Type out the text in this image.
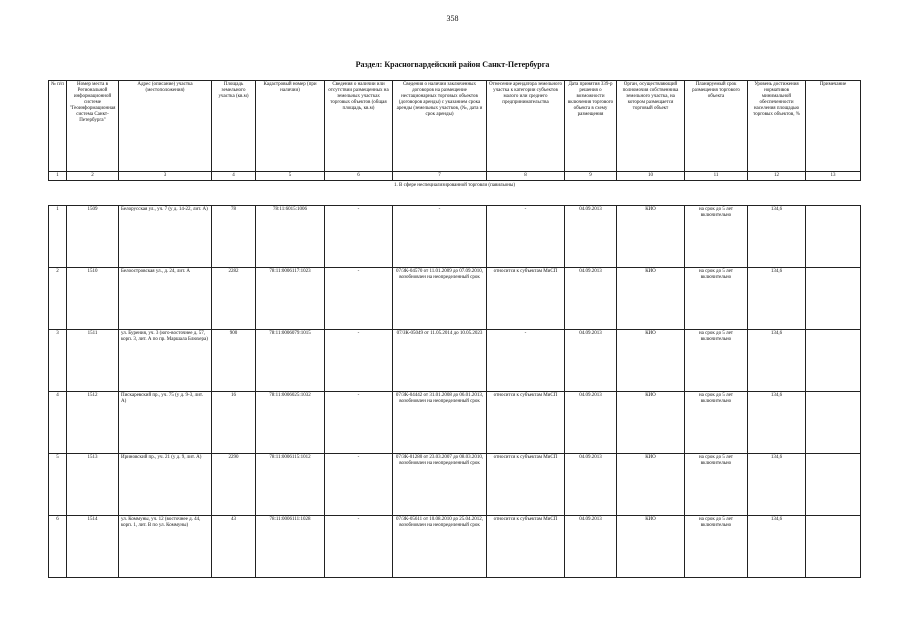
358
Раздел: Красногвардейский район Санкт-Петербурга
№ п/п	Номер места в Региональной информационной системе "Геоинформационная система Санкт-Петербурга"	Адрес (описание) участка (местоположения)	Площадь земельного участка (кв.м)	Кадастровый номер (при наличии)	Сведения о наличии или отсутствии размещенных на земельных участках торговых объектов (общая площадь, кв.м)	Сведения о наличии заключенных договоров на размещение нестационарных торговых объектов (договоров аренды) с указанием срока аренды (земельных участков, (№, дата и срок аренды)	Отнесение арендатора земельного участка к категории субъектов малого или среднего предпринимательства	Дата принятия 339-р решения о возможности включения торгового объекта в схему размещения	Орган, осуществляющий полномочия собственника земельного участка, на котором размещается торговый объект	Планируемый срок размещения торгового объекта	Уровень достижения нормативов минимальной обеспеченности населения площадью торговых объектов, %	Примечание
1	2	3	4	5	6	7	8	9	10	11	12	13
1. В сфере неспециализированной торговли (павильоны)												
1	1509	Белорусская ул., уч. 7 (у д. 14-22, лит. А)	78	78:11:6015:1006	-	-	-	04.09.2013	КИО	на срок до 5 лет включительно	134,6	
2	1510	Белоостровская ул., д. 24, лит. А	2282	78:11:0006117:1023	-	07/ЗК-04570 от 11.01.2009 до 07.09.2010, возобновлен на неопределенный срок	относится к субъектам МиСП	04.09.2013	КИО	на срок до 5 лет включительно	134,6	
3	1511	ул. Бурения, уч. 3 (юго-восточнее д. 57, корп. 3, лит. А по пр. Маршала Блюхера)	900	78:11:0006079:1015	-	07/ЗК-05049 от 11.05.2014 до 10.05.2023	-	04.09.2013	КИО	на срок до 5 лет включительно	134,6	
4	1512	Пискаревский пр., уч. 75 (у д. 9-3, лит. А)	16	78:11:0006025:1032	-	07/ЗК-04442 от 31.01.2008 до 06.01.2013, возобновлен на неопределенный срок	относится к субъектам МиСП	04.09.2013	КИО	на срок до 5 лет включительно	134,6	
5	1513	Ириновский пр., уч. 21 (у д. 9, лит. А)	2290	78:11:0006115:1012	-	07/ЗК-01280 от 23.03.2007 до 08.03.2010, возобновлен на неопределенный срок	относится к субъектам МиСП	04.09.2013	КИО	на срок до 5 лет включительно	134,6	
6	1514	ул. Коммуны, уч. 12 (восточнее д. 44, корп. 1, лит. В по ул. Коммуны)	43	78:11:0006111:1028	-	07/ЗК-05611 от 10.08.2010 до 25.04.2012, возобновлен на неопределенный срок	относится к субъектам МиСП	04.09.2013	КИО	на срок до 5 лет включительно	134,6	
